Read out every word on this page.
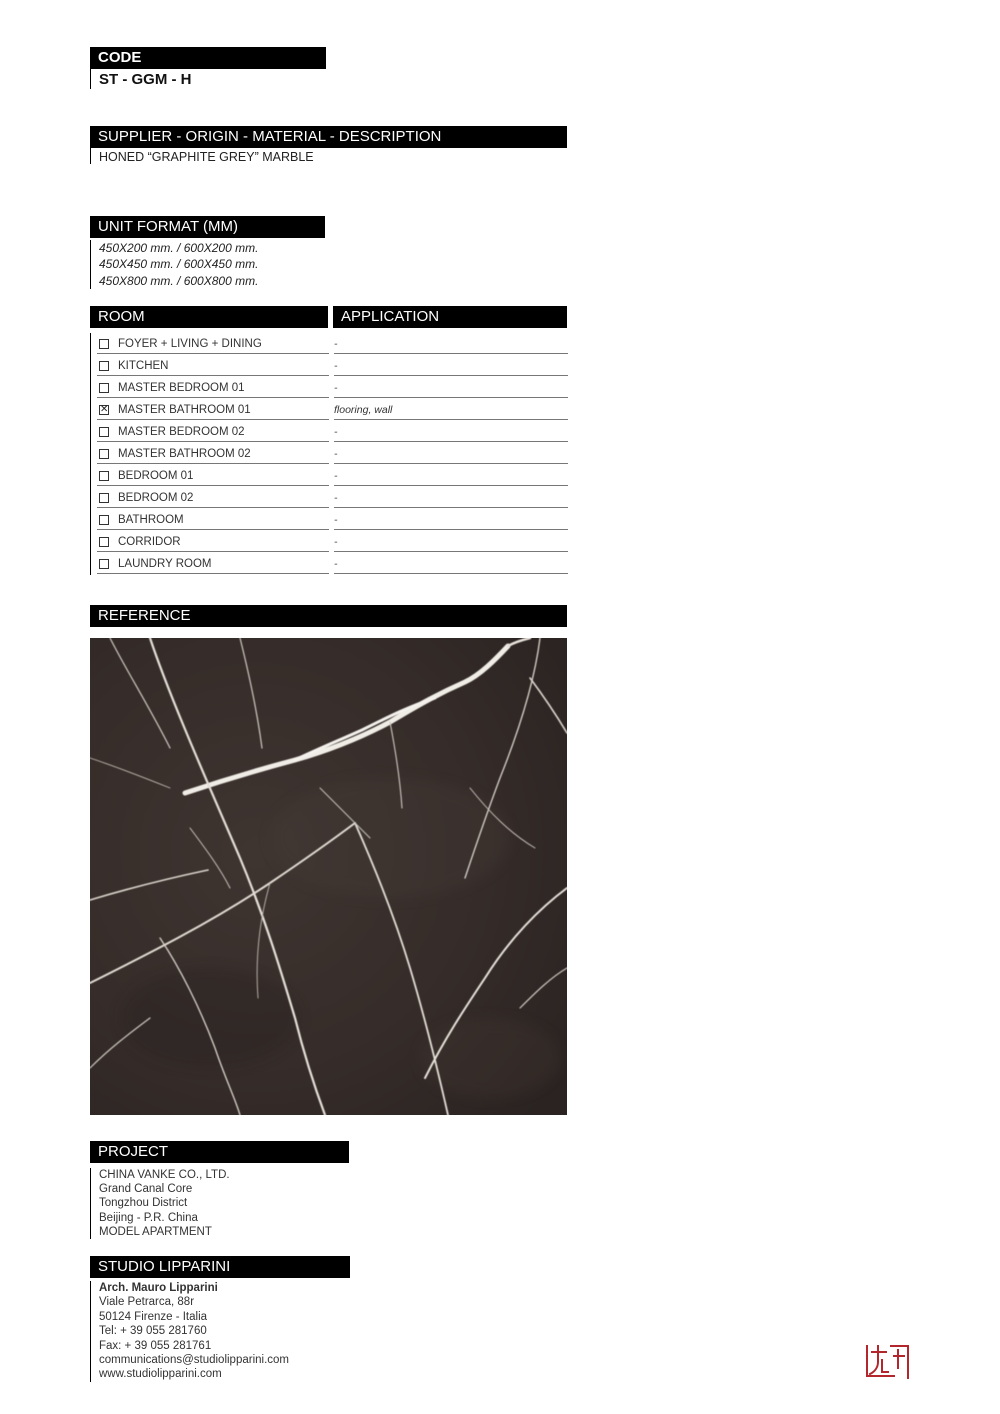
CODE
ST - GGM - H
SUPPLIER - ORIGIN - MATERIAL - DESCRIPTION
HONED “GRAPHITE GREY” MARBLE
UNIT FORMAT (MM)
450X200 mm. / 600X200 mm.
450X450 mm. / 600X450 mm.
450X800 mm. / 600X800 mm.
ROOM	APPLICATION
FOYER + LIVING + DINING	-
KITCHEN	-
MASTER BEDROOM 01	-
✕ MASTER BATHROOM 01	flooring, wall
MASTER BEDROOM 02	-
MASTER BATHROOM 02	-
BEDROOM 01	-
BEDROOM 02	-
BATHROOM	-
CORRIDOR	-
LAUNDRY ROOM	-
REFERENCE
PROJECT
CHINA VANKE CO., LTD.
Grand Canal Core
Tongzhou District
Beijing - P.R. China
MODEL APARTMENT
STUDIO LIPPARINI
Arch. Mauro Lipparini
Viale Petrarca, 88r
50124 Firenze - Italia
Tel: + 39 055 281760
Fax: + 39 055 281761
communications@studiolipparini.com
www.studiolipparini.com
